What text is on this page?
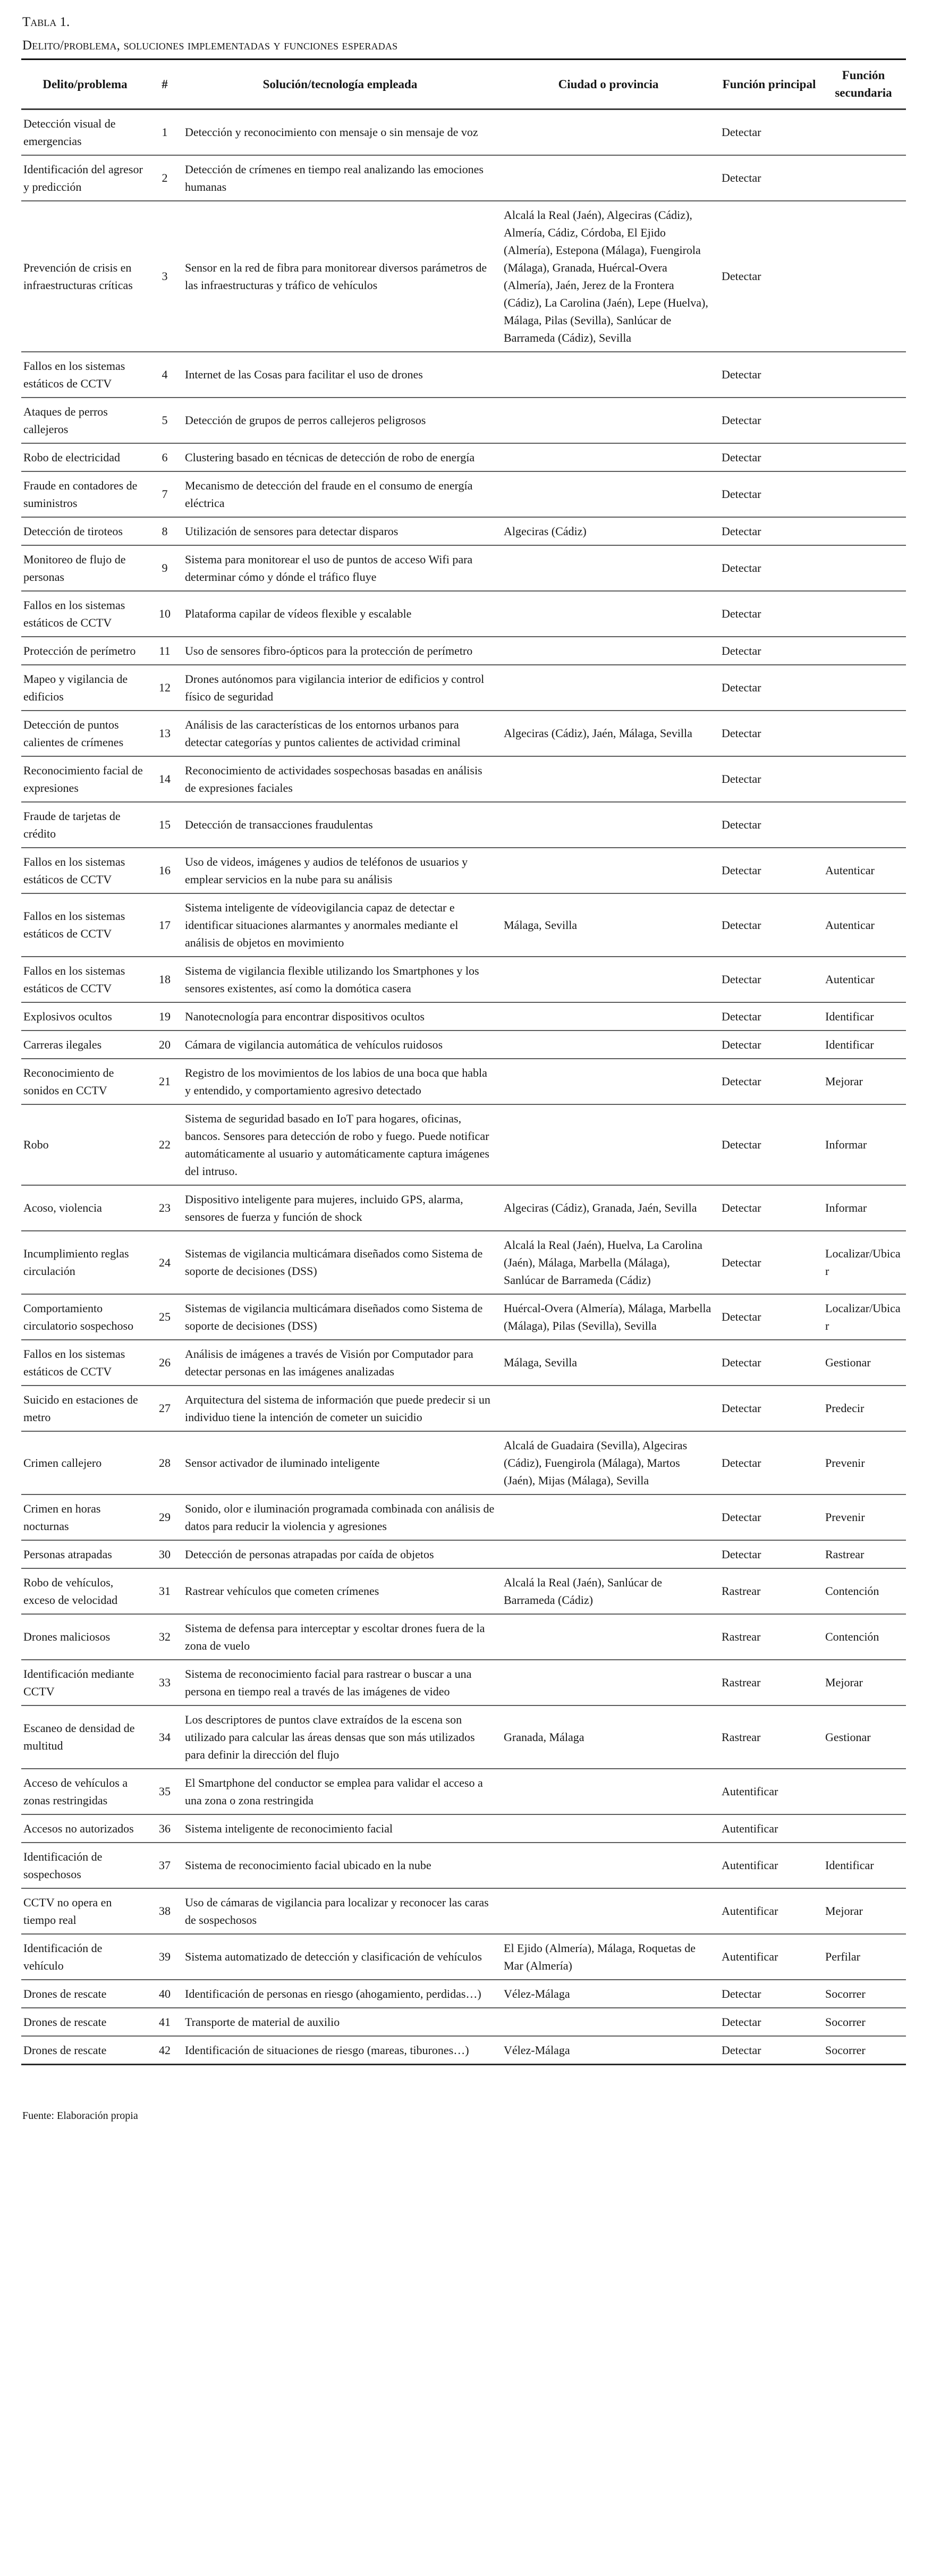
Tabla 1.

Delito/problema, soluciones implementadas y funciones esperadas

Delito/problema	#	Solución/tecnología empleada	Ciudad o provincia	Función principal	Función secundaria
Detección visual de emergencias	1	Detección y reconocimiento con mensaje o sin mensaje de voz		Detectar	
Identificación del agresor y predicción	2	Detección de crímenes en tiempo real analizando las emociones humanas		Detectar	
Prevención de crisis en infraestructuras críticas	3	Sensor en la red de fibra para monitorear diversos parámetros de las infraestructuras y tráfico de vehículos	Alcalá la Real (Jaén), Algeciras (Cádiz), Almería, Cádiz, Córdoba, El Ejido (Almería), Estepona (Málaga), Fuengirola (Málaga), Granada, Huércal-Overa (Almería), Jaén, Jerez de la Frontera (Cádiz), La Carolina (Jaén), Lepe (Huelva), Málaga, Pilas (Sevilla), Sanlúcar de Barrameda (Cádiz), Sevilla	Detectar	
Fallos en los sistemas estáticos de CCTV	4	Internet de las Cosas para facilitar el uso de drones		Detectar	
Ataques de perros callejeros	5	Detección de grupos de perros callejeros peligrosos		Detectar	
Robo de electricidad	6	Clustering basado en técnicas de detección de robo de energía		Detectar	
Fraude en contadores de suministros	7	Mecanismo de detección del fraude en el consumo de energía eléctrica		Detectar	
Detección de tiroteos	8	Utilización de sensores para detectar disparos	Algeciras (Cádiz)	Detectar	
Monitoreo de flujo de personas	9	Sistema para monitorear el uso de puntos de acceso Wifi para determinar cómo y dónde el tráfico fluye		Detectar	
Fallos en los sistemas estáticos de CCTV	10	Plataforma capilar de vídeos flexible y escalable		Detectar	
Protección de perímetro	11	Uso de sensores fibro-ópticos para la protección de perímetro		Detectar	
Mapeo y vigilancia de edificios	12	Drones autónomos para vigilancia interior de edificios y control físico de seguridad		Detectar	
Detección de puntos calientes de crímenes	13	Análisis de las características de los entornos urbanos para detectar categorías y puntos calientes de actividad criminal	Algeciras (Cádiz), Jaén, Málaga, Sevilla	Detectar	
Reconocimiento facial de expresiones	14	Reconocimiento de actividades sospechosas basadas en análisis de expresiones faciales		Detectar	
Fraude de tarjetas de crédito	15	Detección de transacciones fraudulentas		Detectar	
Fallos en los sistemas estáticos de CCTV	16	Uso de videos, imágenes y audios de teléfonos de usuarios y emplear servicios en la nube para su análisis		Detectar	Autenticar
Fallos en los sistemas estáticos de CCTV	17	Sistema inteligente de vídeovigilancia capaz de detectar e identificar situaciones alarmantes y anormales mediante el análisis de objetos en movimiento	Málaga, Sevilla	Detectar	Autenticar
Fallos en los sistemas estáticos de CCTV	18	Sistema de vigilancia flexible utilizando los Smartphones y los sensores existentes, así como la domótica casera		Detectar	Autenticar
Explosivos ocultos	19	Nanotecnología para encontrar dispositivos ocultos		Detectar	Identificar
Carreras ilegales	20	Cámara de vigilancia automática de vehículos ruidosos		Detectar	Identificar
Reconocimiento de sonidos en CCTV	21	Registro de los movimientos de los labios de una boca que habla y entendido, y comportamiento agresivo detectado		Detectar	Mejorar
Robo	22	Sistema de seguridad basado en IoT para hogares, oficinas, bancos. Sensores para detección de robo y fuego. Puede notificar automáticamente al usuario y automáticamente captura imágenes del intruso.		Detectar	Informar
Acoso, violencia	23	Dispositivo inteligente para mujeres, incluido GPS, alarma, sensores de fuerza y función de shock	Algeciras (Cádiz), Granada, Jaén, Sevilla	Detectar	Informar
Incumplimiento reglas circulación	24	Sistemas de vigilancia multicámara diseñados como Sistema de soporte de decisiones (DSS)	Alcalá la Real (Jaén), Huelva, La Carolina (Jaén), Málaga, Marbella (Málaga), Sanlúcar de Barrameda (Cádiz)	Detectar	Localizar/Ubicar
Comportamiento circulatorio sospechoso	25	Sistemas de vigilancia multicámara diseñados como Sistema de soporte de decisiones (DSS)	Huércal-Overa (Almería), Málaga, Marbella (Málaga), Pilas (Sevilla), Sevilla	Detectar	Localizar/Ubicar
Fallos en los sistemas estáticos de CCTV	26	Análisis de imágenes a través de Visión por Computador para detectar personas en las imágenes analizadas	Málaga, Sevilla	Detectar	Gestionar
Suicido en estaciones de metro	27	Arquitectura del sistema de información que puede predecir si un individuo tiene la intención de cometer un suicidio		Detectar	Predecir
Crimen callejero	28	Sensor activador de iluminado inteligente	Alcalá de Guadaira (Sevilla), Algeciras (Cádiz), Fuengirola (Málaga), Martos (Jaén), Mijas (Málaga), Sevilla	Detectar	Prevenir
Crimen en horas nocturnas	29	Sonido, olor e iluminación programada combinada con análisis de datos para reducir la violencia y agresiones		Detectar	Prevenir
Personas atrapadas	30	Detección de personas atrapadas por caída de objetos		Detectar	Rastrear
Robo de vehículos, exceso de velocidad	31	Rastrear vehículos que cometen crímenes	Alcalá la Real (Jaén), Sanlúcar de Barrameda (Cádiz)	Rastrear	Contención
Drones maliciosos	32	Sistema de defensa para interceptar y escoltar drones fuera de la zona de vuelo		Rastrear	Contención
Identificación mediante CCTV	33	Sistema de reconocimiento facial para rastrear o buscar a una persona en tiempo real a través de las imágenes de video		Rastrear	Mejorar
Escaneo de densidad de multitud	34	Los descriptores de puntos clave extraídos de la escena son utilizado para calcular las áreas densas que son más utilizados para definir la dirección del flujo	Granada, Málaga	Rastrear	Gestionar
Acceso de vehículos a zonas restringidas	35	El Smartphone del conductor se emplea para validar el acceso a una zona o zona restringida		Autentificar	
Accesos no autorizados	36	Sistema inteligente de reconocimiento facial		Autentificar	
Identificación de sospechosos	37	Sistema de reconocimiento facial ubicado en la nube		Autentificar	Identificar
CCTV no opera en tiempo real	38	Uso de cámaras de vigilancia para localizar y reconocer las caras de sospechosos		Autentificar	Mejorar
Identificación de vehículo	39	Sistema automatizado de detección y clasificación de vehículos	El Ejido (Almería), Málaga, Roquetas de Mar (Almería)	Autentificar	Perfilar
Drones de rescate	40	Identificación de personas en riesgo (ahogamiento, perdidas…)	Vélez-Málaga	Detectar	Socorrer
Drones de rescate	41	Transporte de material de auxilio		Detectar	Socorrer
Drones de rescate	42	Identificación de situaciones de riesgo (mareas, tiburones…)	Vélez-Málaga	Detectar	Socorrer

Fuente: Elaboración propia
